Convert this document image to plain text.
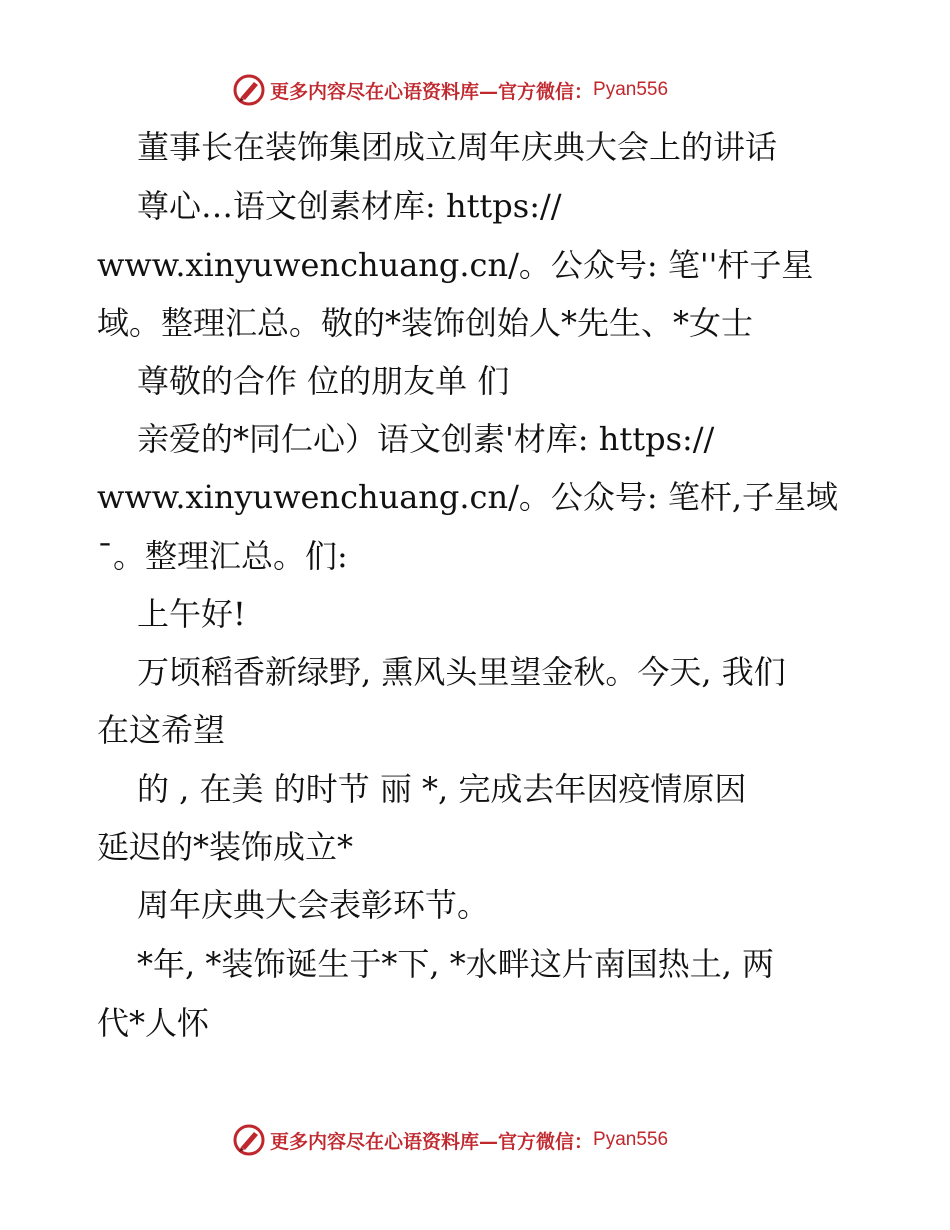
更多内容尽在心语资料库—官方微信： Pyan556
董事长在装饰集团成立周年庆典大会上的讲话
尊心…语文创素材库: https://
www.xinyuwenchuang.cn/。公众号: 笔''杆子星
域。整理汇总。敬的*装饰创始人*先生、*女士
尊敬的合作 位的朋友单 们
亲爱的*同仁心）语文创素'材库: https://
www.xinyuwenchuang.cn/。公众号: 笔杆,子星域
¯。整理汇总。们:
上午好!
万顷稻香新绿野, 熏风头里望金秋。今天, 我们
在这希望
的 , 在美 的时节 丽 *, 完成去年因疫情原因
延迟的*装饰成立*
周年庆典大会表彰环节。
*年, *装饰诞生于*下, *水畔这片南国热土, 两
代*人怀
更多内容尽在心语资料库—官方微信： Pyan556
